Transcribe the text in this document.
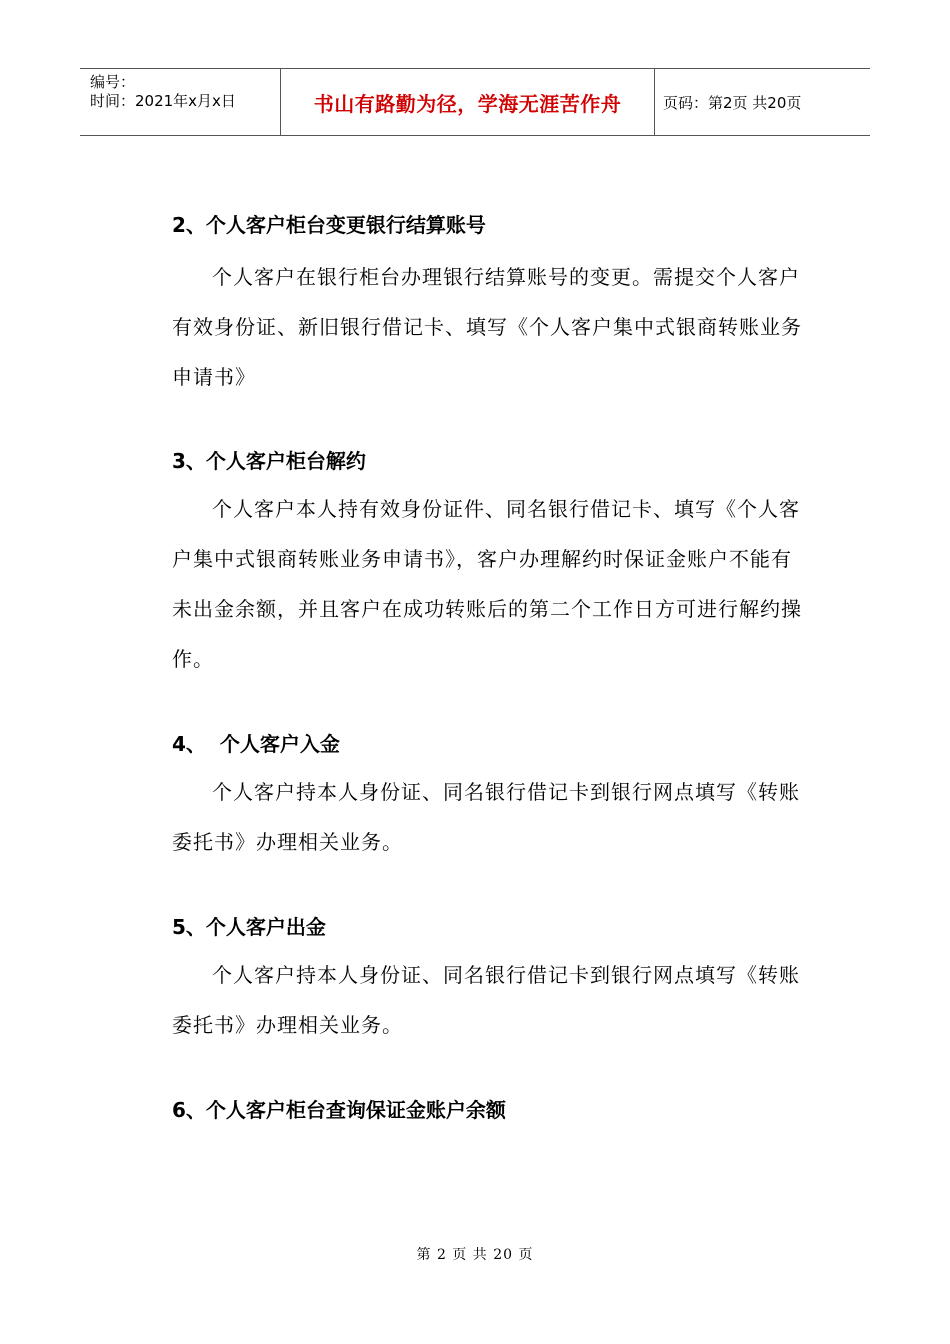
编号：
时间：2021年x月x日	书山有路勤为径，学海无涯苦作舟	页码：第2页 共20页

2、个人客户柜台变更银行结算账号

个人客户在银行柜台办理银行结算账号的变更。需提交个人客户有效身份证、新旧银行借记卡、填写《个人客户集中式银商转账业务申请书》

3、个人客户柜台解约

个人客户本人持有效身份证件、同名银行借记卡、填写《个人客户集中式银商转账业务申请书》，客户办理解约时保证金账户不能有未出金余额，并且客户在成功转账后的第二个工作日方可进行解约操作。

4、  个人客户入金

个人客户持本人身份证、同名银行借记卡到银行网点填写《转账委托书》办理相关业务。

5、个人客户出金

个人客户持本人身份证、同名银行借记卡到银行网点填写《转账委托书》办理相关业务。

6、个人客户柜台查询保证金账户余额

第 2 页 共 20 页
